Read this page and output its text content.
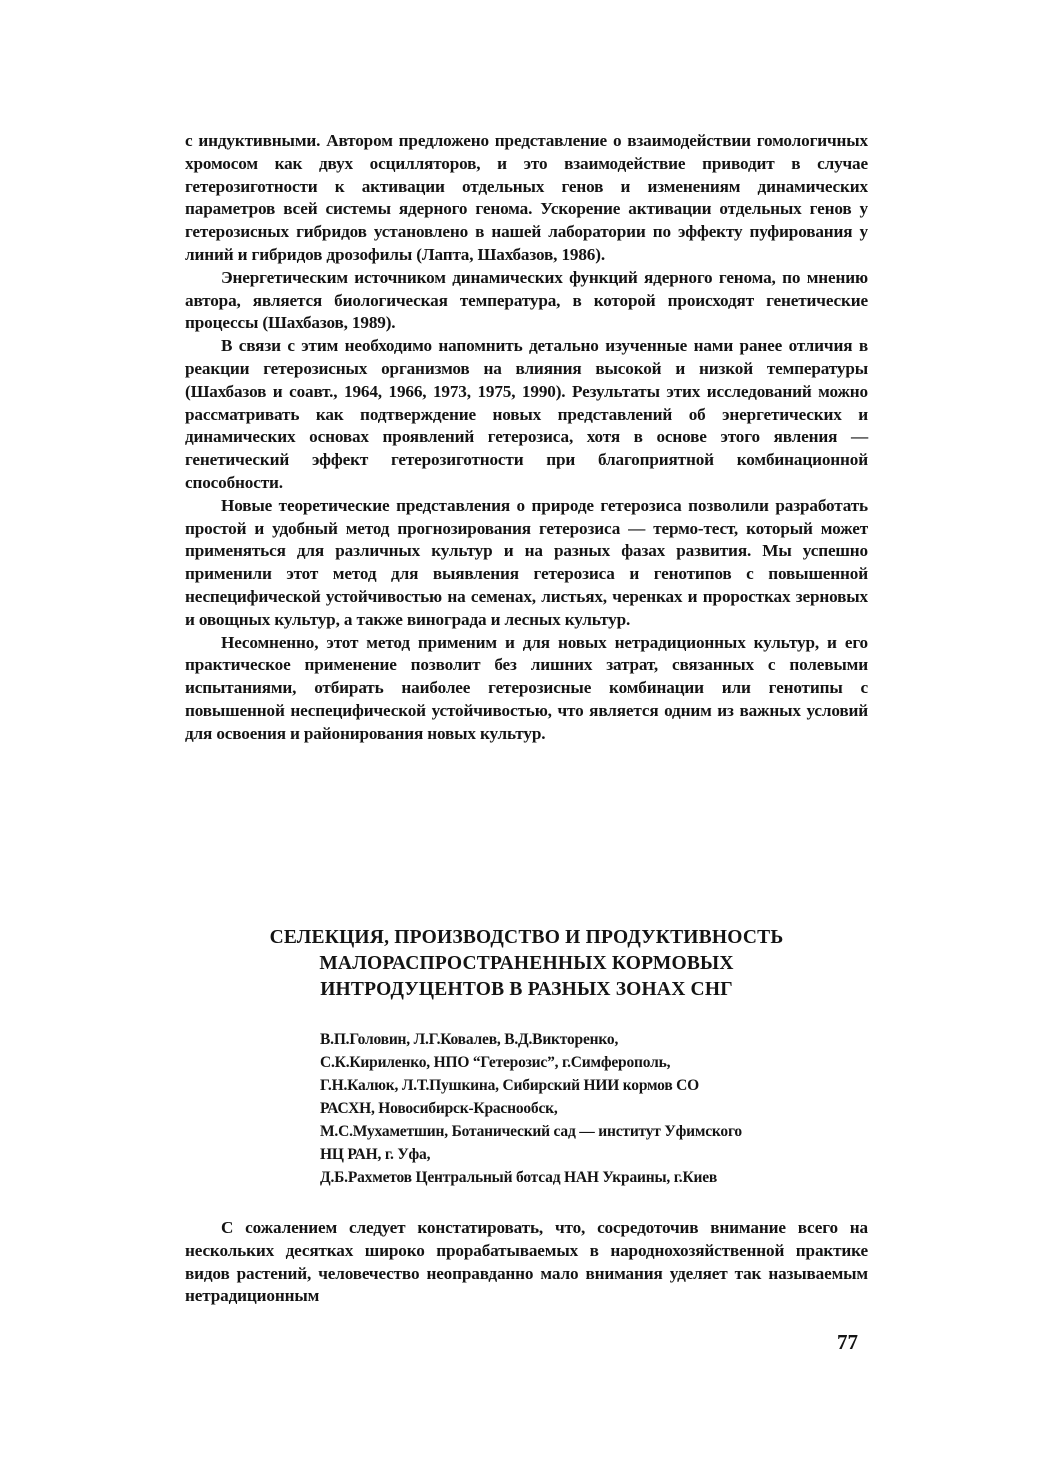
с индуктивными. Автором предложено представление о взаимодействии гомологичных хромосом как двух осцилляторов, и это взаимодействие приводит в случае гетерозиготности к активации отдельных генов и изменениям динамических параметров всей системы ядерного генома. Ускорение активации отдельных генов у гетерозисных гибридов установлено в нашей лаборатории по эффекту пуфирования у линий и гибридов дрозофилы (Лаптa, Шахбазов, 1986).

Энергетическим источником динамических функций ядерного генома, по мнению автора, является биологическая температура, в которой происходят генетические процессы (Шахбазов, 1989).

В связи с этим необходимо напомнить детально изученные нами ранее отличия в реакции гетерозисных организмов на влияния высокой и низкой температуры (Шахбазов и соавт., 1964, 1966, 1973, 1975, 1990). Результаты этих исследований можно рассматривать как подтверждение новых представлений об энергетических и динамических основах проявлений гетерозиса, хотя в основе этого явления — генетический эффект гетерозиготности при благоприятной комбинационной способности.

Новые теоретические представления о природе гетерозиса позволили разработать простой и удобный метод прогнозирования гетерозиса — термо-тест, который может применяться для различных культур и на разных фазах развития. Мы успешно применили этот метод для выявления гетерозиса и генотипов с повышенной неспецифической устойчивостью на семенах, листьях, черенках и проростках зерновых и овощных культур, а также винограда и лесных культур.

Несомненно, этот метод применим и для новых нетрадиционных культур, и его практическое применение позволит без лишних затрат, связанных с полевыми испытаниями, отбирать наиболее гетерозисные комбинации или генотипы с повышенной неспецифической устойчивостью, что является одним из важных условий для освоения и районирования новых культур.

СЕЛЕКЦИЯ, ПРОИЗВОДСТВО И ПРОДУКТИВНОСТЬ
МАЛОРАСПРОСТРАНЕННЫХ КОРМОВЫХ
ИНТРОДУЦЕНТОВ В РАЗНЫХ ЗОНАХ СНГ
В.П.Головин, Л.Г.Ковалев, В.Д.Викторенко,
С.К.Кириленко, НПО “Гетерозис”, г.Симферополь,
Г.Н.Калюк, Л.Т.Пушкина, Сибирский НИИ кормов СО
РАСХН, Новосибирск-Краснообск,
М.С.Мухаметшин, Ботанический сад — институт Уфимского
НЦ РАН, г. Уфа,
Д.Б.Рахметов Центральный ботсад НАН Украины, г.Киев

С сожалением следует констатировать, что, сосредоточив внимание всего на нескольких десятках широко прорабатываемых в народнохозяйственной практике видов растений, человечество неоправданно мало внимания уделяет так называемым нетрадиционным

77
